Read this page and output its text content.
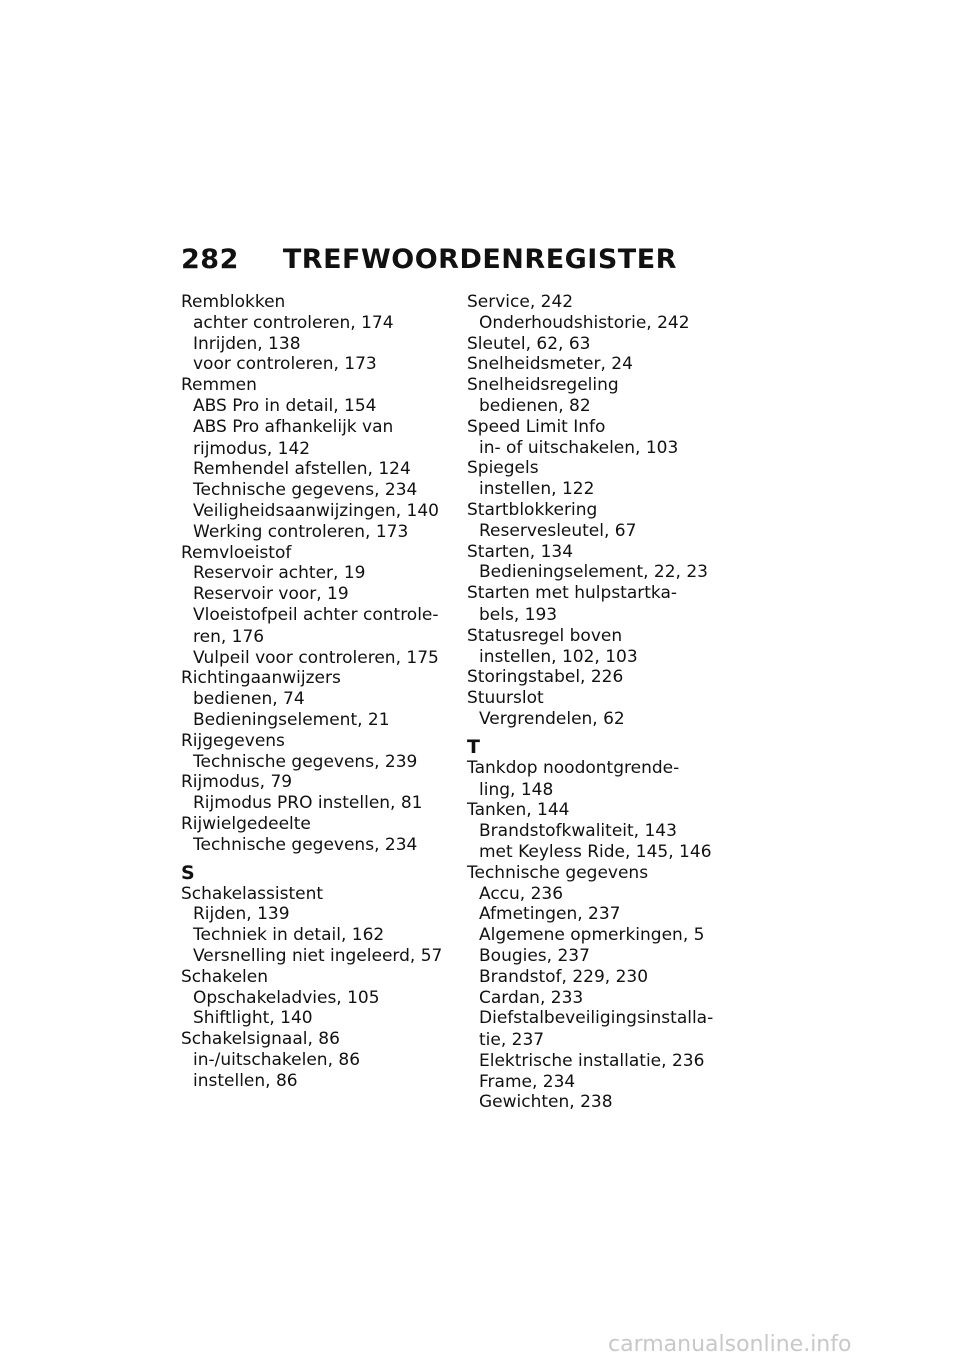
282 TREFWOORDENREGISTER
Remblokken
achter controleren, 174
Inrijden, 138
voor controleren, 173
Remmen
ABS Pro in detail, 154
ABS Pro afhankelijk van
rijmodus, 142
Remhendel afstellen, 124
Technische gegevens, 234
Veiligheidsaanwijzingen, 140
Werking controleren, 173
Remvloeistof
Reservoir achter, 19
Reservoir voor, 19
Vloeistofpeil achter controle-
ren, 176
Vulpeil voor controleren, 175
Richtingaanwijzers
bedienen, 74
Bedieningselement, 21
Rijgegevens
Technische gegevens, 239
Rijmodus, 79
Rijmodus PRO instellen, 81
Rijwielgedeelte
Technische gegevens, 234
S
Schakelassistent
Rijden, 139
Techniek in detail, 162
Versnelling niet ingeleerd, 57
Schakelen
Opschakeladvies, 105
Shiftlight, 140
Schakelsignaal, 86
in-/uitschakelen, 86
instellen, 86
Service, 242
Onderhoudshistorie, 242
Sleutel, 62, 63
Snelheidsmeter, 24
Snelheidsregeling
bedienen, 82
Speed Limit Info
in- of uitschakelen, 103
Spiegels
instellen, 122
Startblokkering
Reservesleutel, 67
Starten, 134
Bedieningselement, 22, 23
Starten met hulpstartka-
bels, 193
Statusregel boven
instellen, 102, 103
Storingstabel, 226
Stuurslot
Vergrendelen, 62
T
Tankdop noodontgrende-
ling, 148
Tanken, 144
Brandstofkwaliteit, 143
met Keyless Ride, 145, 146
Technische gegevens
Accu, 236
Afmetingen, 237
Algemene opmerkingen, 5
Bougies, 237
Brandstof, 229, 230
Cardan, 233
Diefstalbeveiligingsinstalla-
tie, 237
Elektrische installatie, 236
Frame, 234
Gewichten, 238
carmanualsonline.info
